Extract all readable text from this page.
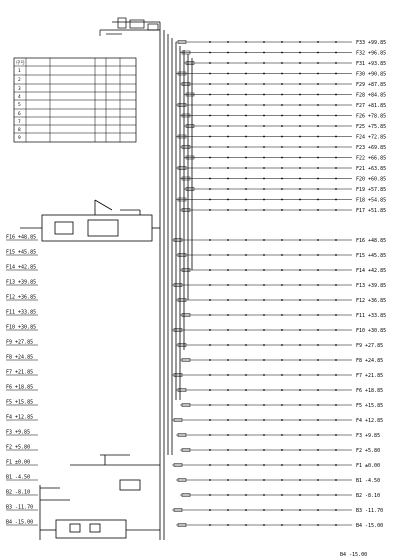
序号
1
2
3
4
5
6
7
8
9
F33 +99.85
F32 +96.85
F31 +93.85
F30 +90.85
F29 +87.85
F28 +84.85
F27 +81.85
F26 +78.85
F25 +75.85
F24 +72.85
F23 +69.85
F22 +66.85
F21 +63.85
F20 +60.85
F19 +57.85
F18 +54.85
F17 +51.85
F16 +48.85
F15 +45.85
F14 +42.85
F13 +39.85
F12 +36.85
F11 +33.85
F10 +30.85
F9 +27.85
F8 +24.85
F7 +21.85
F6 +18.85
F5 +15.85
F4 +12.85
F3 +9.85
F2 +5.80
F1 ±0.00
B1 -4.50
B2 -8.10
B3 -11.70
B4 -15.00
F16 +48.85
F15 +45.85
F14 +42.85
F13 +39.85
F12 +36.85
F11 +33.85
F10 +30.85
F9 +27.85
F8 +24.85
F7 +21.85
F6 +18.85
F5 +15.85
F4 +12.85
F3 +9.85
F2 +5.80
F1 ±0.00
B1 -4.50
B2 -8.10
B3 -11.70
B4 -15.00
B4 -15.00
